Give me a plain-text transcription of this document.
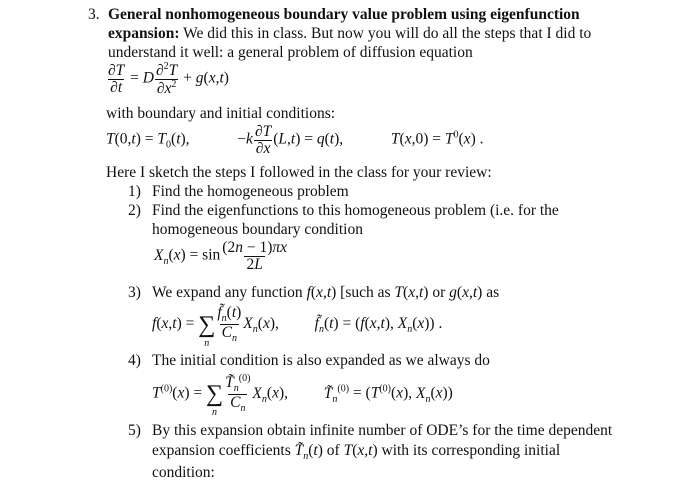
3. General nonhomogeneous boundary value problem using eigenfunction
expansion: We did this in class. But now you will do all the steps that I did to
understand it well: a general problem of diffusion equation
$\frac{\partial T}{\partial t} = D \frac{\partial^2T}{\partial x^2} + g(x,t)$
with boundary and initial conditions:
$T(0,t) = T_0(t)$,	$-k \frac{\partial T}{\partial x} (L,t) = q(t)$,	$T(x,0) = T^0(x)$ .
Here I sketch the steps I followed in the class for your review:
1) Find the homogeneous problem
2) Find the eigenfunctions to this homogeneous problem (i.e. for the
homogeneous boundary condition
$X_n(x) = \sin \frac{(2n - 1)\pi x}{2L}$
3) We expand any function f(x,t) [such as T(x,t) or g(x,t) as
f(x,t) = ∑
n $\frac{f̃_n(t)}{C_n} X_n(x)$,  $f̃_n(t) = (f(x,t)$, $X_n(x)$) .
4) The initial condition is also expanded as we always do
$T^{(0)}(x)$ = ∑
n $\frac{T̃_n^{(0)}}{C_n} X_n(x)$,  $T̃_n^{(0)} = (T^{(0)}(x)$, $X_n(x)$)
5) By this expansion obtain infinite number of ODE’s for the time dependent
expansion coefficients $T̃_n(t)$ of T(x,t) with its corresponding initial
condition:
